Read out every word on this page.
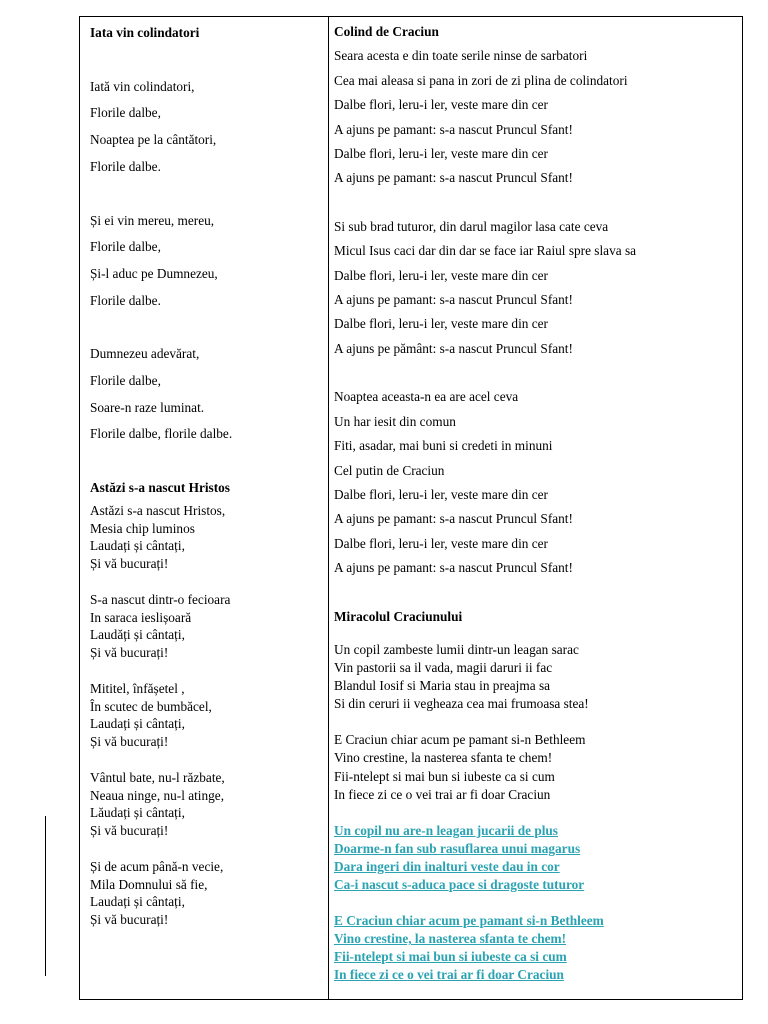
Iata vin colindatori

Iată vin colindatori,

Florile dalbe,

Noaptea pe la cântători,

Florile dalbe.

Și ei vin mereu, mereu,

Florile dalbe,

Și-l aduc pe Dumnezeu,

Florile dalbe.

Dumnezeu adevărat,

Florile dalbe,

Soare-n raze luminat.

Florile dalbe, florile dalbe.

Astăzi s-a nascut Hristos

Astăzi s-a nascut Hristos,

Mesia chip luminos

Laudați și cântați,

Și vă bucurați!

S-a nascut dintr-o fecioara

In saraca ieslișoară

Laudăți și cântați,

Și vă bucurați!

Mititel, înfășetel ,

În scutec de bumbăcel,

Laudați și cântați,

Și vă bucurați!

Vântul bate, nu-l răzbate,

Neaua ninge, nu-l atinge,

Lăudați și cântați,

Și vă bucurați!

Și de acum până-n vecie,

Mila Domnului să fie,

Laudați și cântați,

Și vă bucurați!

Colind de Craciun

Seara acesta e din toate serile ninse de sarbatori

Cea mai aleasa si pana in zori de zi plina de colindatori

Dalbe flori, leru-i ler, veste mare din cer

A ajuns pe pamant: s-a nascut Pruncul Sfant!

Dalbe flori, leru-i ler, veste mare din cer

A ajuns pe pamant: s-a nascut Pruncul Sfant!

Si sub brad tuturor, din darul magilor lasa cate ceva

Micul Isus caci dar din dar se face iar Raiul spre slava sa

Dalbe flori, leru-i ler, veste mare din cer

A ajuns pe pamant: s-a nascut Pruncul Sfant!

Dalbe flori, leru-i ler, veste mare din cer

A ajuns pe pământ: s-a nascut Pruncul Sfant!

Noaptea aceasta-n ea are acel ceva

Un har iesit din comun

Fiti, asadar, mai buni si credeti in minuni

Cel putin de Craciun

Dalbe flori, leru-i ler, veste mare din cer

A ajuns pe pamant: s-a nascut Pruncul Sfant!

Dalbe flori, leru-i ler, veste mare din cer

A ajuns pe pamant: s-a nascut Pruncul Sfant!

Miracolul Craciunului

Un copil zambeste lumii dintr-un leagan sarac

Vin pastorii sa il vada, magii daruri ii fac

Blandul Iosif si Maria stau in preajma sa

Si din ceruri ii vegheaza cea mai frumoasa stea!

E Craciun chiar acum pe pamant si-n Bethleem

Vino crestine, la nasterea sfanta te chem!

Fii-ntelept si mai bun si iubeste ca si cum

In fiece zi ce o vei trai ar fi doar Craciun

Un copil nu are-n leagan jucarii de plus

Doarme-n fan sub rasuflarea unui magarus

Dara ingeri din inalturi veste dau in cor

Ca-i nascut s-aduca pace si dragoste tuturor

E Craciun chiar acum pe pamant si-n Bethleem

Vino crestine, la nasterea sfanta te chem!

Fii-ntelept si mai bun si iubeste ca si cum

In fiece zi ce o vei trai ar fi doar Craciun
